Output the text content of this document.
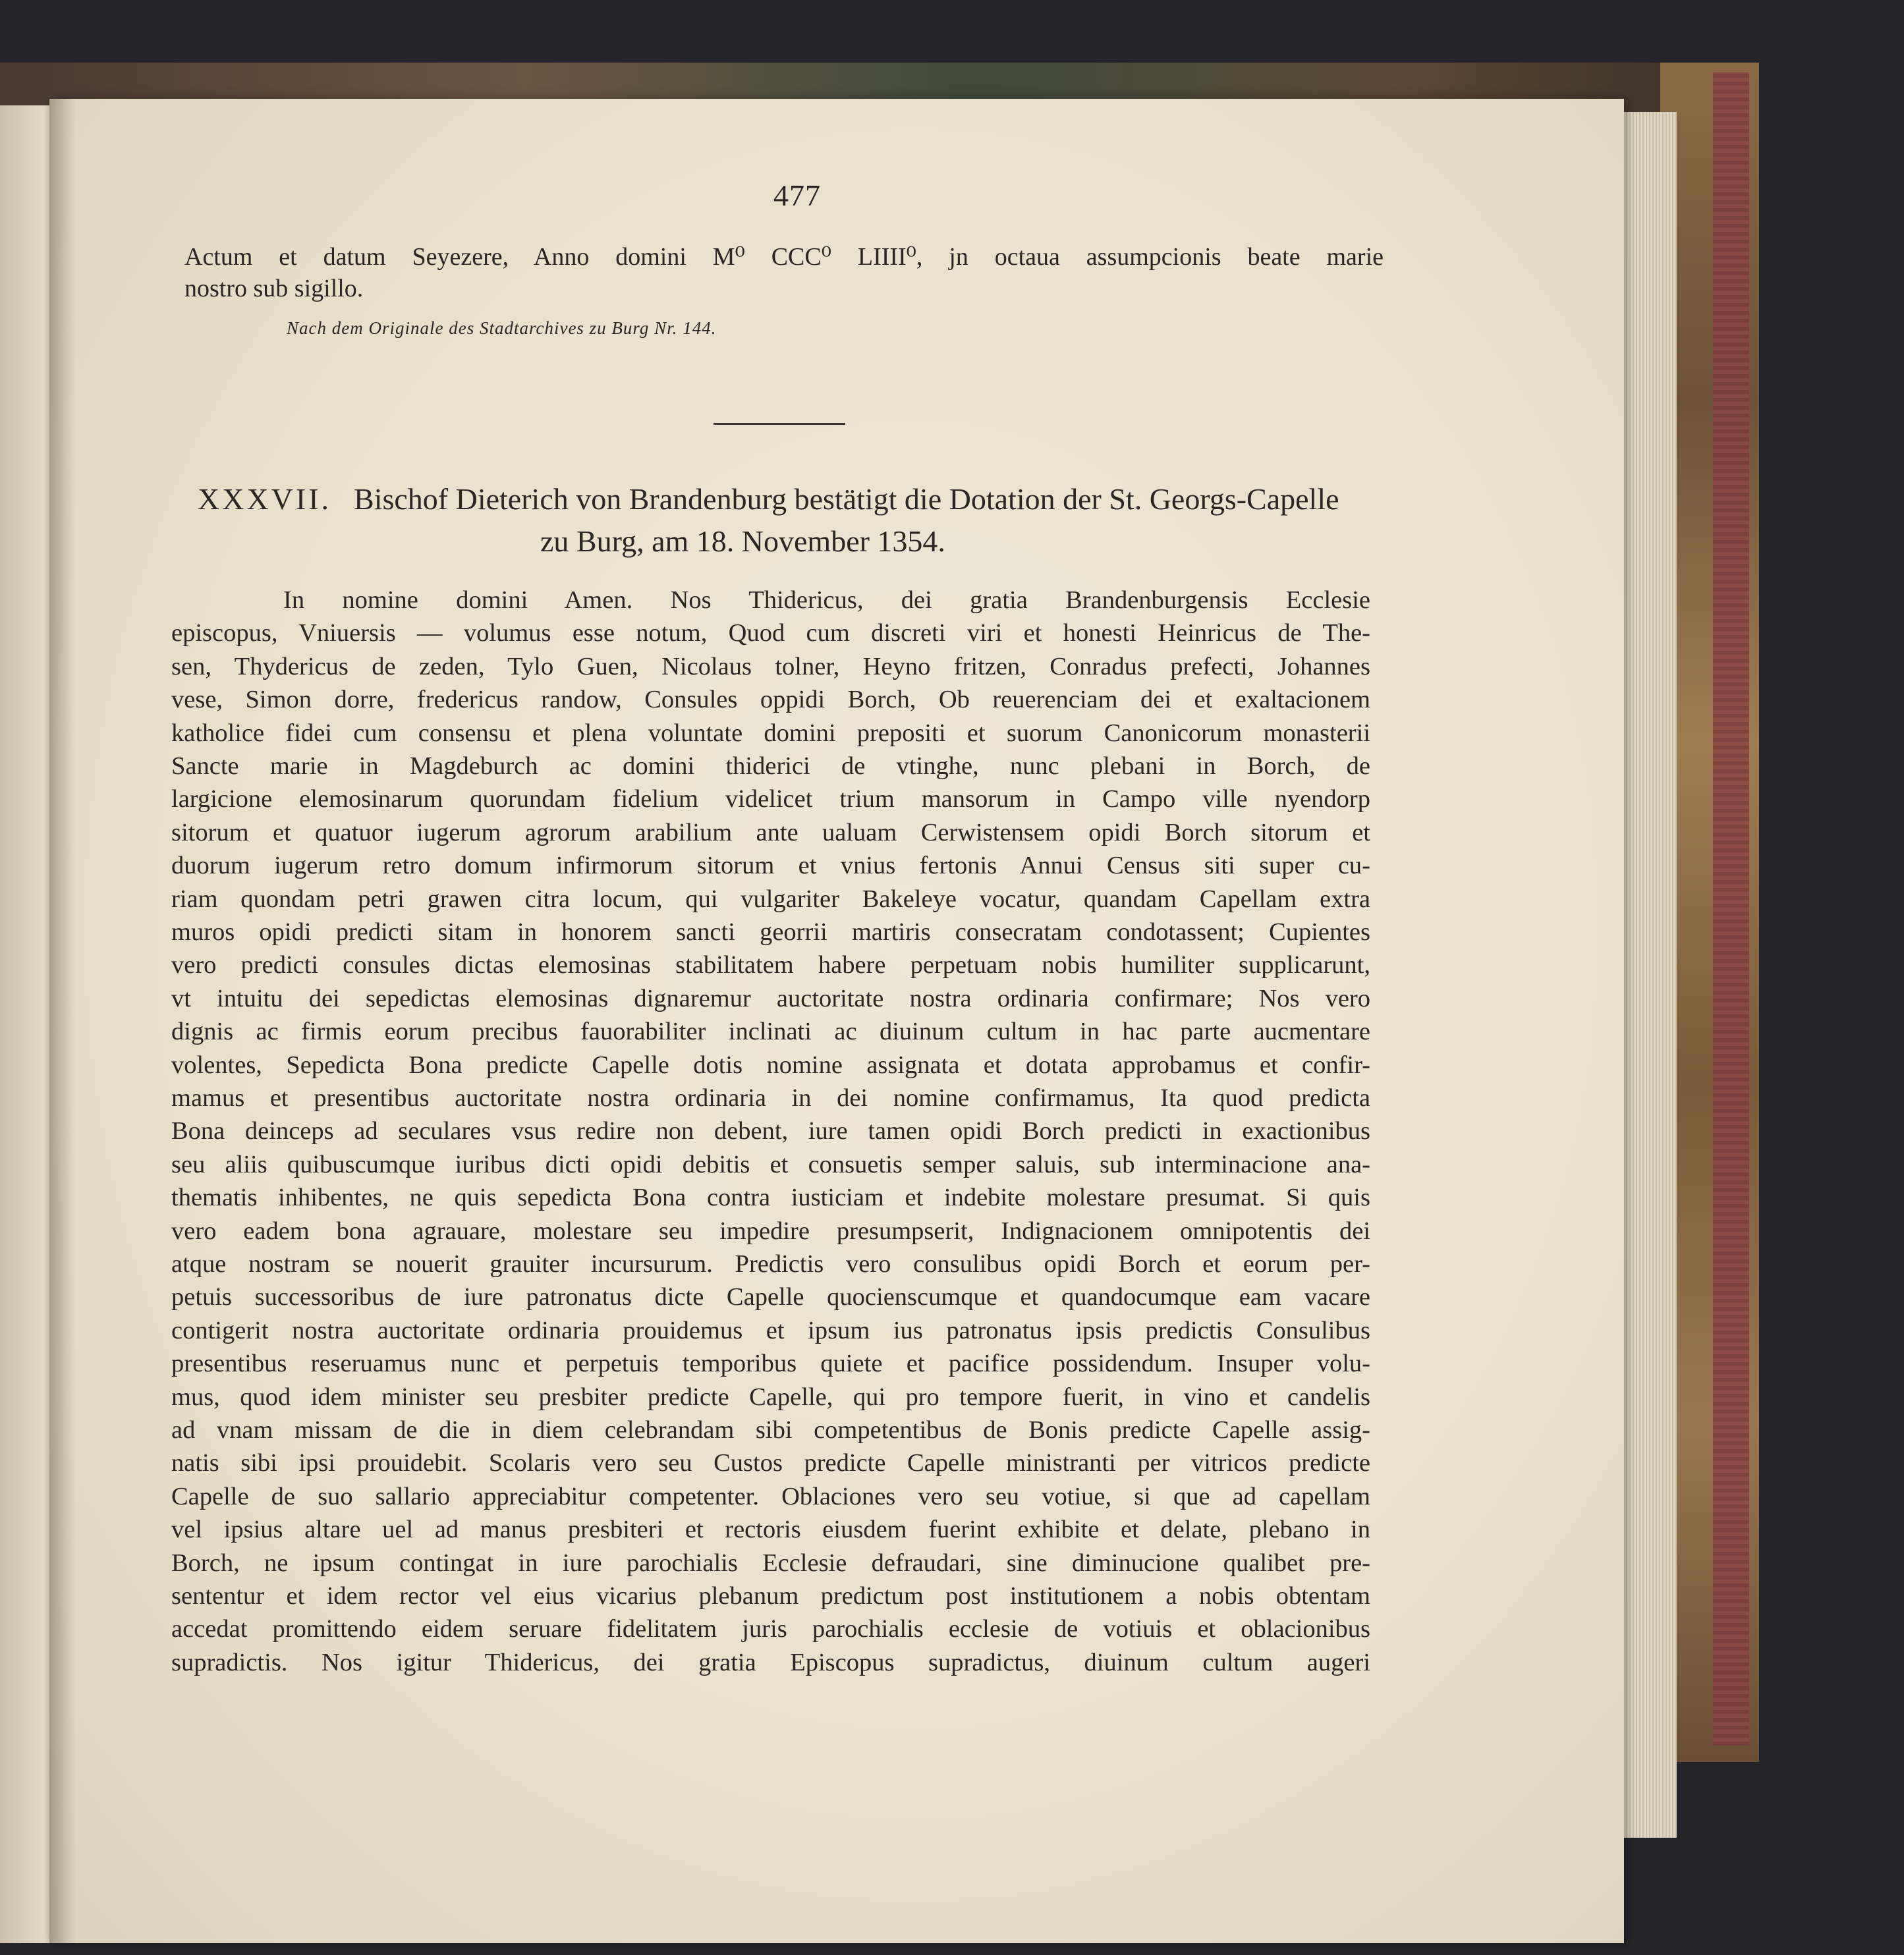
477
Actum et datum Seyezere, Anno domini M⁰ CCC⁰ LIIII⁰, jn octaua assumpcionis beate marie
nostro sub sigillo.
Nach dem Originale des Stadtarchives zu Burg Nr. 144.
XXXVII. Bischof Dieterich von Brandenburg bestätigt die Dotation der St. Georgs-Capelle
zu Burg, am 18. November 1354.
In nomine domini Amen. Nos Thidericus, dei gratia Brandenburgensis Ecclesie
episcopus, Vniuersis — volumus esse notum, Quod cum discreti viri et honesti Heinricus de The-
sen, Thydericus de zeden, Tylo Guen, Nicolaus tolner, Heyno fritzen, Conradus prefecti, Johannes
vese, Simon dorre, fredericus randow, Consules oppidi Borch, Ob reuerenciam dei et exaltacionem
katholice fidei cum consensu et plena voluntate domini prepositi et suorum Canonicorum monasterii
Sancte marie in Magdeburch ac domini thiderici de vtinghe, nunc plebani in Borch, de
largicione elemosinarum quorundam fidelium videlicet trium mansorum in Campo ville nyendorp
sitorum et quatuor iugerum agrorum arabilium ante ualuam Cerwistensem opidi Borch sitorum et
duorum iugerum retro domum infirmorum sitorum et vnius fertonis Annui Census siti super cu-
riam quondam petri grawen citra locum, qui vulgariter Bakeleye vocatur, quandam Capellam extra
muros opidi predicti sitam in honorem sancti georrii martiris consecratam condotassent; Cupientes
vero predicti consules dictas elemosinas stabilitatem habere perpetuam nobis humiliter supplicarunt,
vt intuitu dei sepedictas elemosinas dignaremur auctoritate nostra ordinaria confirmare; Nos vero
dignis ac firmis eorum precibus fauorabiliter inclinati ac diuinum cultum in hac parte aucmentare
volentes, Sepedicta Bona predicte Capelle dotis nomine assignata et dotata approbamus et confir-
mamus et presentibus auctoritate nostra ordinaria in dei nomine confirmamus, Ita quod predicta
Bona deinceps ad seculares vsus redire non debent, iure tamen opidi Borch predicti in exactionibus
seu aliis quibuscumque iuribus dicti opidi debitis et consuetis semper saluis, sub interminacione ana-
thematis inhibentes, ne quis sepedicta Bona contra iusticiam et indebite molestare presumat. Si quis
vero eadem bona agrauare, molestare seu impedire presumpserit, Indignacionem omnipotentis dei
atque nostram se nouerit grauiter incursurum. Predictis vero consulibus opidi Borch et eorum per-
petuis successoribus de iure patronatus dicte Capelle quocienscumque et quandocumque eam vacare
contigerit nostra auctoritate ordinaria prouidemus et ipsum ius patronatus ipsis predictis Consulibus
presentibus reseruamus nunc et perpetuis temporibus quiete et pacifice possidendum. Insuper volu-
mus, quod idem minister seu presbiter predicte Capelle, qui pro tempore fuerit, in vino et candelis
ad vnam missam de die in diem celebrandam sibi competentibus de Bonis predicte Capelle assig-
natis sibi ipsi prouidebit. Scolaris vero seu Custos predicte Capelle ministranti per vitricos predicte
Capelle de suo sallario appreciabitur competenter. Oblaciones vero seu votiue, si que ad capellam
vel ipsius altare uel ad manus presbiteri et rectoris eiusdem fuerint exhibite et delate, plebano in
Borch, ne ipsum contingat in iure parochialis Ecclesie defraudari, sine diminucione qualibet pre-
sententur et idem rector vel eius vicarius plebanum predictum post institutionem a nobis obtentam
accedat promittendo eidem seruare fidelitatem juris parochialis ecclesie de votiuis et oblacionibus
supradictis. Nos igitur Thidericus, dei gratia Episcopus supradictus, diuinum cultum augeri
